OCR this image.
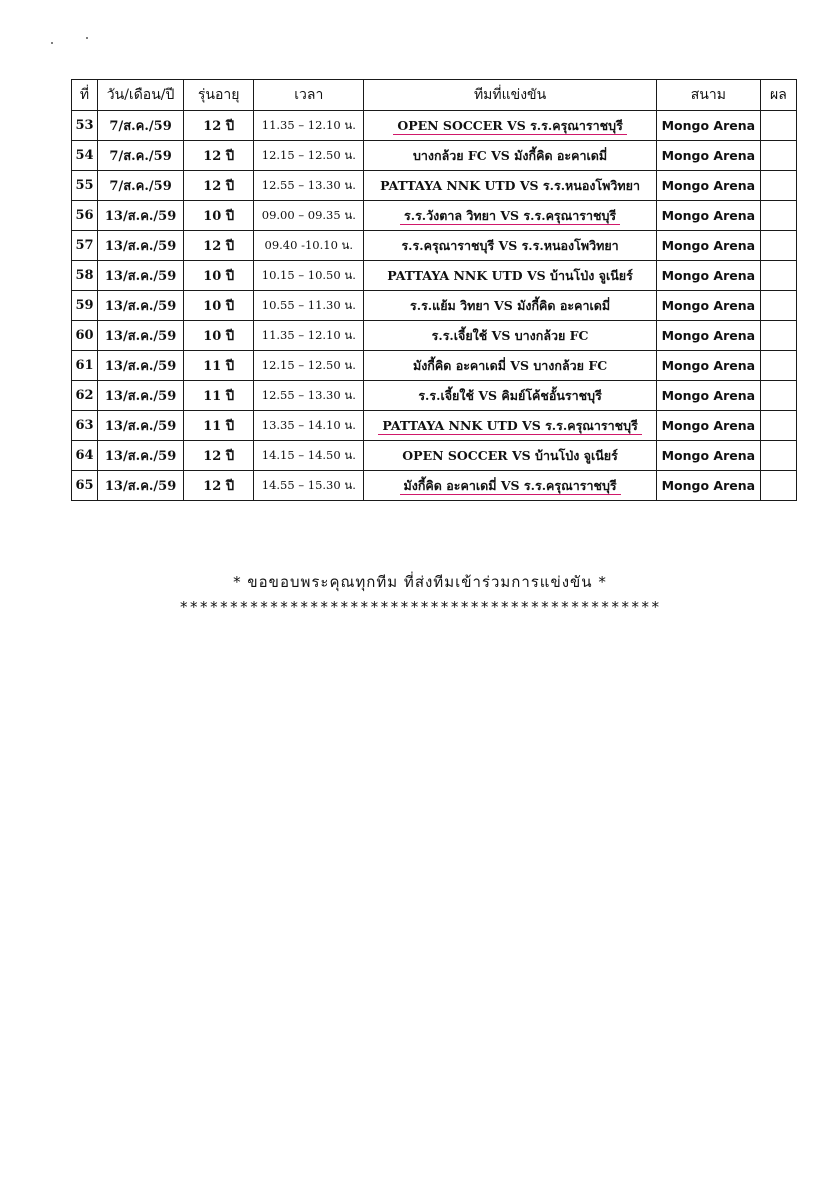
ที่	วัน/เดือน/ปี	รุ่นอายุ	เวลา	ทีมที่แข่งขัน	สนาม	ผล
53	7/ส.ค./59	12 ปี	11.35 – 12.10 น.	OPEN SOCCER VS ร.ร.ครุณาราชบุรี	Mongo Arena	
54	7/ส.ค./59	12 ปี	12.15 – 12.50 น.	บางกล้วย FC VS มังกี้คิด อะคาเดมี่	Mongo Arena	
55	7/ส.ค./59	12 ปี	12.55 – 13.30 น.	PATTAYA NNK UTD VS ร.ร.หนองโพวิทยา	Mongo Arena	
56	13/ส.ค./59	10 ปี	09.00 – 09.35 น.	ร.ร.วังตาล วิทยา VS ร.ร.ครุณาราชบุรี	Mongo Arena	
57	13/ส.ค./59	12 ปี	09.40 -10.10 น.	ร.ร.ครุณาราชบุรี VS ร.ร.หนองโพวิทยา	Mongo Arena	
58	13/ส.ค./59	10 ปี	10.15 – 10.50 น.	PATTAYA NNK UTD VS บ้านโป่ง จูเนียร์	Mongo Arena	
59	13/ส.ค./59	10 ปี	10.55 – 11.30 น.	ร.ร.แย้ม วิทยา VS มังกี้คิด อะคาเดมี่	Mongo Arena	
60	13/ส.ค./59	10 ปี	11.35 – 12.10 น.	ร.ร.เจี้ยใช้ VS บางกล้วย FC	Mongo Arena	
61	13/ส.ค./59	11 ปี	12.15 – 12.50 น.	มังกี้คิด อะคาเดมี่ VS บางกล้วย FC	Mongo Arena	
62	13/ส.ค./59	11 ปี	12.55 – 13.30 น.	ร.ร.เจี้ยใช้ VS คิมย์โค้ชอั้นราชบุรี	Mongo Arena	
63	13/ส.ค./59	11 ปี	13.35 – 14.10 น.	PATTAYA NNK UTD VS ร.ร.ครุณาราชบุรี	Mongo Arena	
64	13/ส.ค./59	12 ปี	14.15 – 14.50 น.	OPEN SOCCER VS บ้านโป่ง จูเนียร์	Mongo Arena	
65	13/ส.ค./59	12 ปี	14.55 – 15.30 น.	มังกี้คิด อะคาเดมี่ VS ร.ร.ครุณาราชบุรี	Mongo Arena	
* ขอขอบพระคุณทุกทีม ที่ส่งทีมเข้าร่วมการแข่งขัน *
************************************************
